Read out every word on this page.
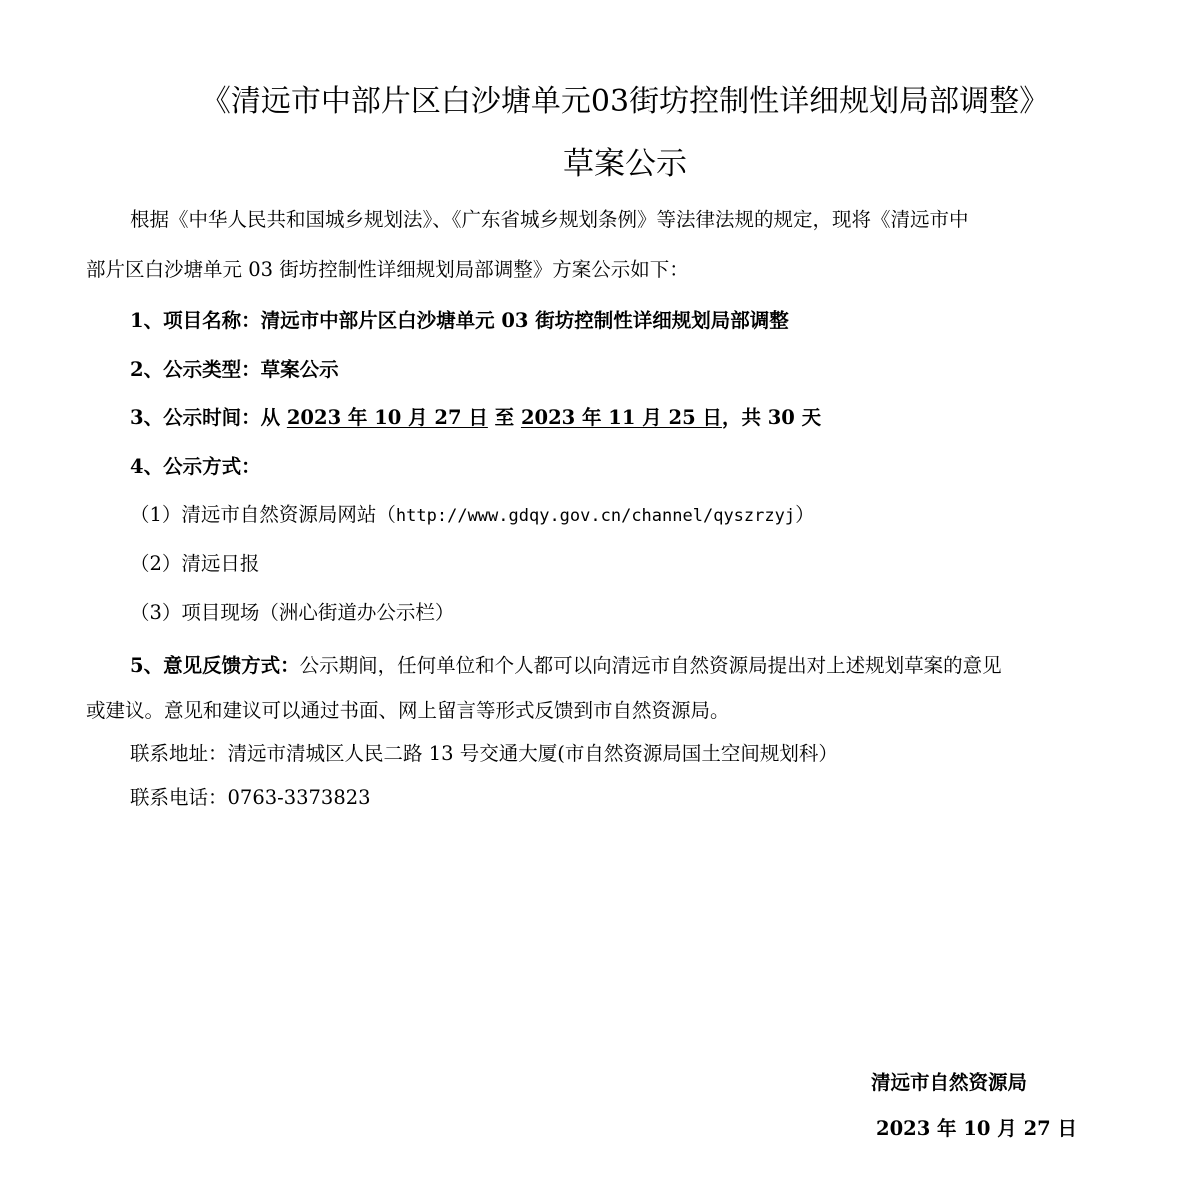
《清远市中部片区白沙塘单元03街坊控制性详细规划局部调整》
草案公示
根据《中华人民共和国城乡规划法》、《广东省城乡规划条例》等法律法规的规定，现将《清远市中
部片区白沙塘单元 03 街坊控制性详细规划局部调整》方案公示如下：
1、项目名称：清远市中部片区白沙塘单元 03 街坊控制性详细规划局部调整
2、公示类型：草案公示
3、公示时间：从 2023 年 10 月 27 日 至 2023 年 11 月 25 日，共 30 天
4、公示方式：
（1）清远市自然资源局网站（http://www.gdqy.gov.cn/channel/qyszrzyj）
（2）清远日报
（3）项目现场（洲心街道办公示栏）
5、意见反馈方式：公示期间，任何单位和个人都可以向清远市自然资源局提出对上述规划草案的意见
或建议。意见和建议可以通过书面、网上留言等形式反馈到市自然资源局。
联系地址：清远市清城区人民二路 13 号交通大厦(市自然资源局国土空间规划科）
联系电话：0763-3373823
清远市自然资源局
2023 年 10 月 27 日
